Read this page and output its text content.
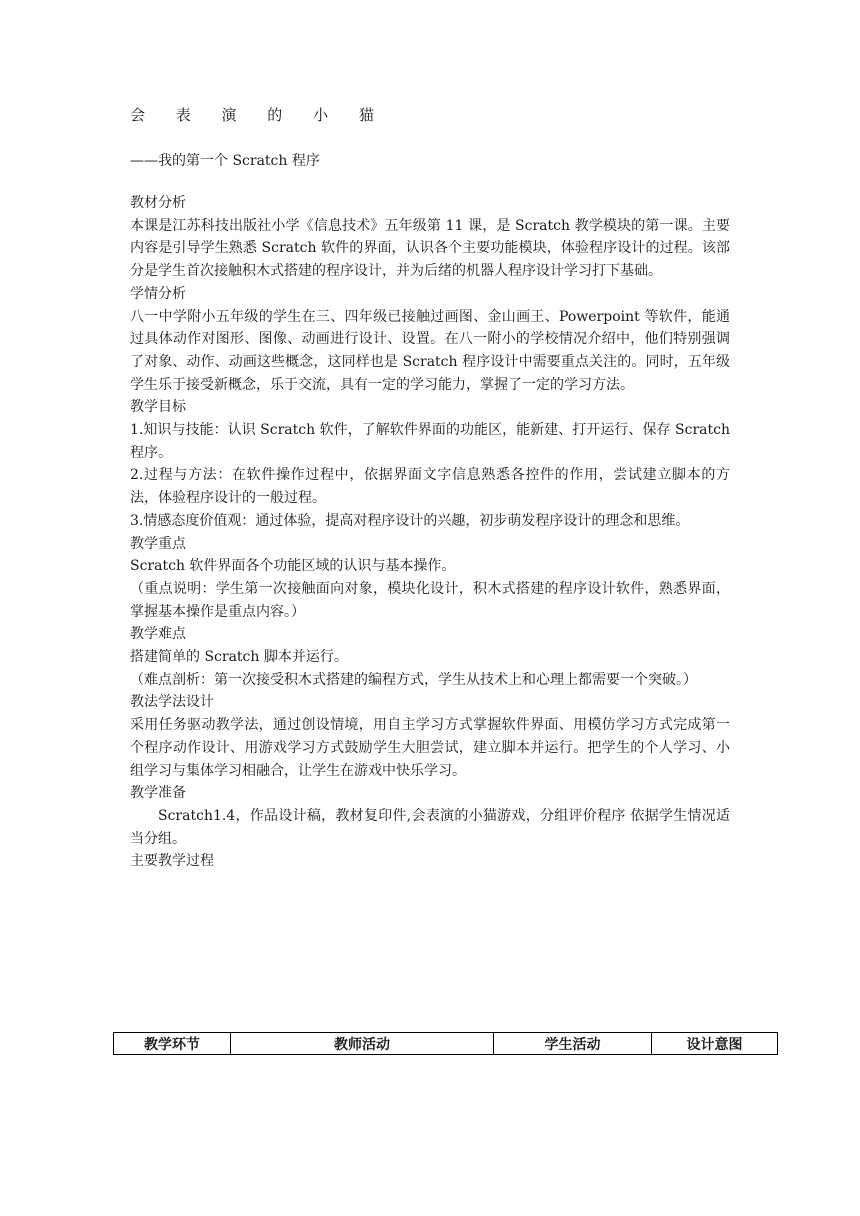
会 表 演 的 小 猫
——我的第一个 Scratch 程序

教材分析

本课是江苏科技出版社小学《信息技术》五年级第 11 课，是 Scratch 教学模块的第一课。主要内容是引导学生熟悉 Scratch 软件的界面，认识各个主要功能模块，体验程序设计的过程。该部分是学生首次接触积木式搭建的程序设计，并为后绪的机器人程序设计学习打下基础。

学情分析

八一中学附小五年级的学生在三、四年级已接触过画图、金山画王、Powerpoint 等软件，能通过具体动作对图形、图像、动画进行设计、设置。在八一附小的学校情况介绍中，他们特别强调了对象、动作、动画这些概念，这同样也是 Scratch 程序设计中需要重点关注的。同时，五年级学生乐于接受新概念，乐于交流，具有一定的学习能力，掌握了一定的学习方法。

教学目标

1.知识与技能：认识 Scratch 软件，了解软件界面的功能区，能新建、打开运行、保存 Scratch 程序。

2.过程与方法：在软件操作过程中，依据界面文字信息熟悉各控件的作用，尝试建立脚本的方法，体验程序设计的一般过程。

3.情感态度价值观：通过体验，提高对程序设计的兴趣，初步萌发程序设计的理念和思维。

教学重点

Scratch 软件界面各个功能区域的认识与基本操作。

（重点说明：学生第一次接触面向对象，模块化设计，积木式搭建的程序设计软件，熟悉界面，掌握基本操作是重点内容。）

教学难点

搭建简单的 Scratch 脚本并运行。

（难点剖析：第一次接受积木式搭建的编程方式，学生从技术上和心理上都需要一个突破。）

教法学法设计

采用任务驱动教学法，通过创设情境，用自主学习方式掌握软件界面、用模仿学习方式完成第一个程序动作设计、用游戏学习方式鼓励学生大胆尝试，建立脚本并运行。把学生的个人学习、小组学习与集体学习相融合，让学生在游戏中快乐学习。

教学准备

Scratch1.4，作品设计稿，教材复印件,会表演的小猫游戏，分组评价程序 依据学生情况适当分组。

主要教学过程

教学环节	教师活动	学生活动	设计意图
